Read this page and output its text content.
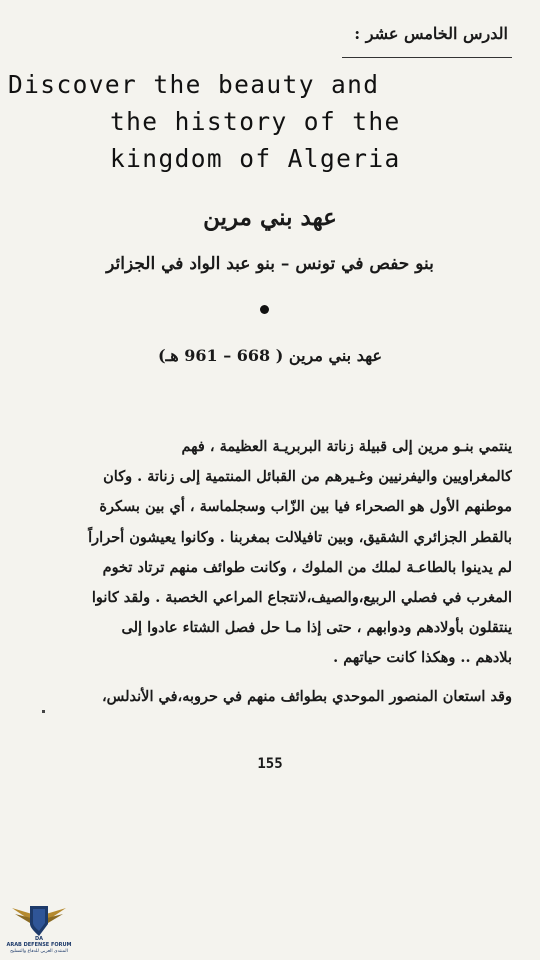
الدرس الخامس عشر :
Discover the beauty and
the history of the
kingdom of Algeria
عهد بني مرين
بنو حفص في تونس – بنو عبد الواد في الجزائر
عهد بني مرين ( 668 – 961 هـ)
ينتمي بنـو مرين إلى قبيلة زناتة البربريـة العظيمة ، فهم
كالمغراويين واليفرنيين وغـيرهم من القبائل المنتمية إلى زناتة . وكان
موطنهم الأول هو الصحراء فيا بين الزّاب وسجلماسة ، أي بين بسكرة
بالقطر الجزائري الشقيق، وبين تافيلالت بمغربنا . وكانوا يعيشون أحراراً
لم يدينوا بالطاعـة لملك من الملوك ، وكانت طوائف منهم ترتاد تخوم
المغرب في فصلي الربيع،والصيف،لانتجاع المراعي الخصبة . ولقد كانوا
ينتقلون بأولادهم ودوابهم ، حتى إذا مـا حل فصل الشتاء عادوا إلى
بلادهم .. وهكذا كانت حياتهم .
وقد استعان المنصور الموحدي بطوائف منهم في حروبه،في الأندلس،
155
DA
ARAB DEFENSE FORUM
المنتدى العربي للدفاع والتسليح
